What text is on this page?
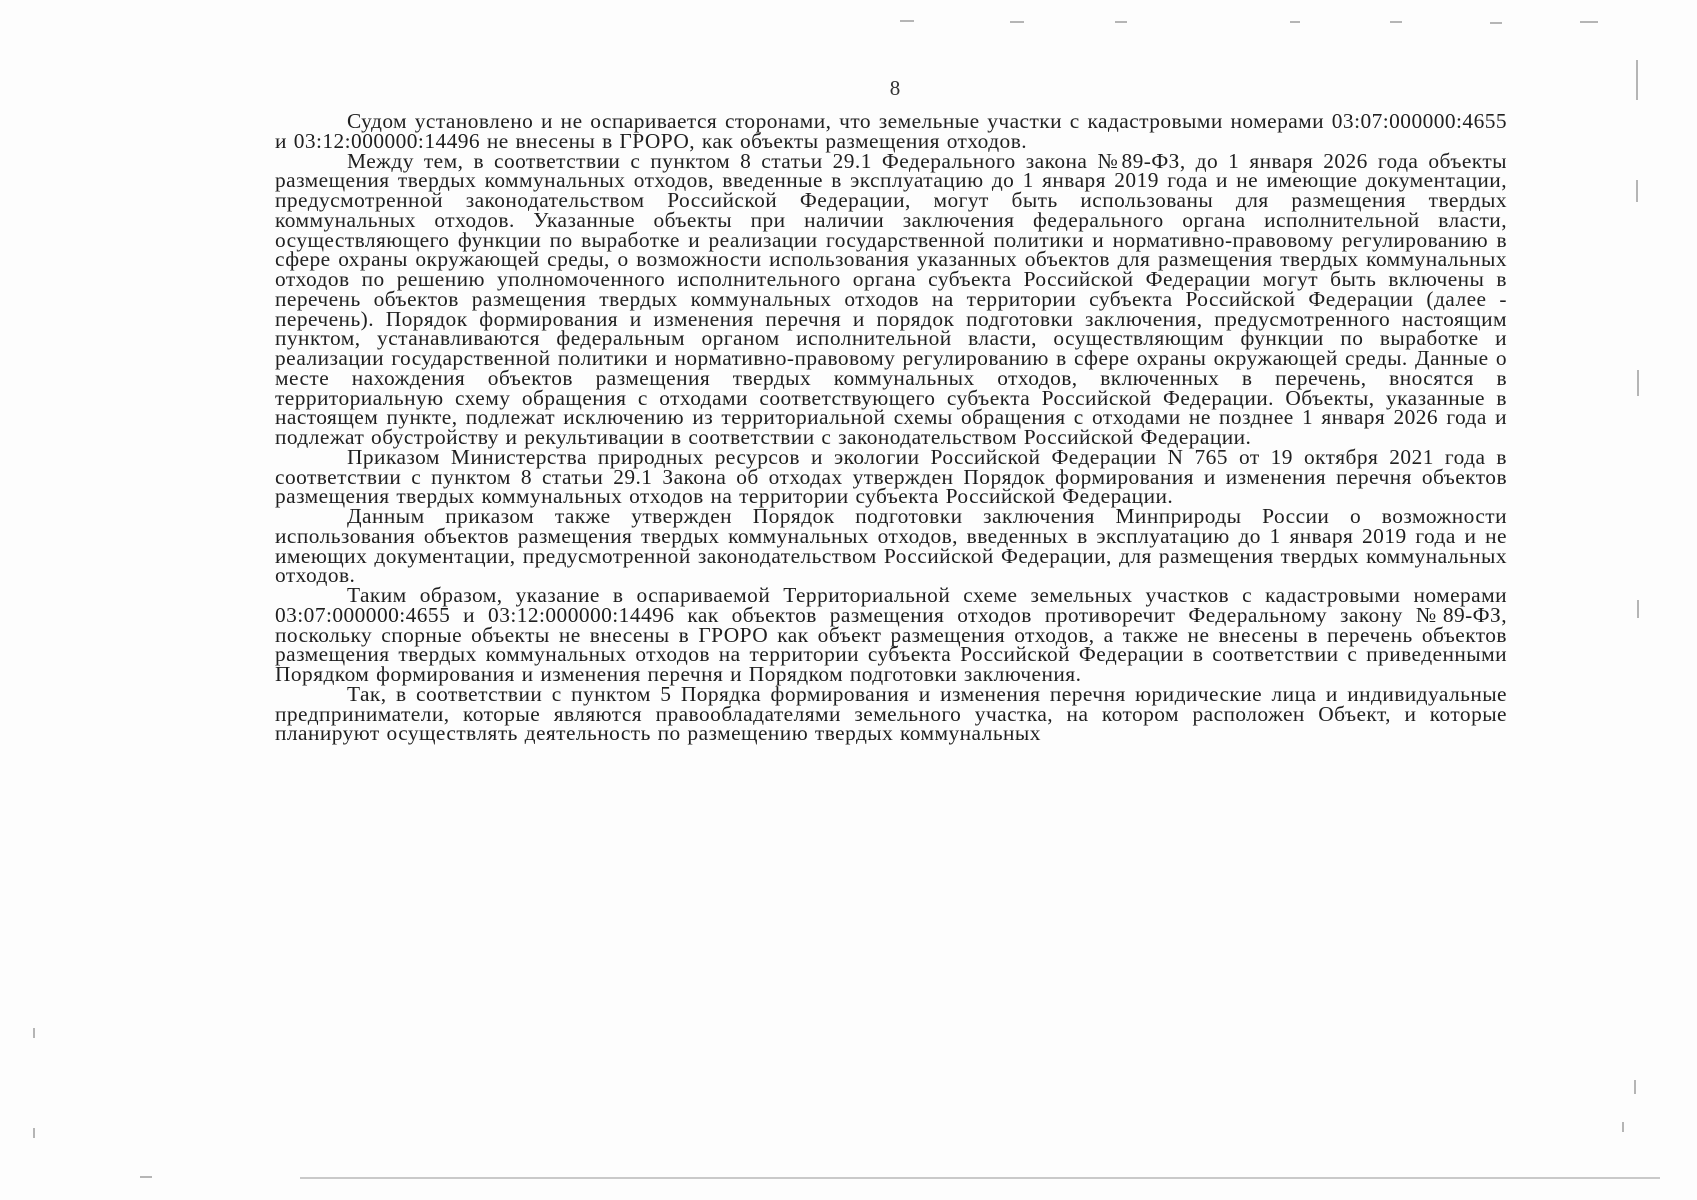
8

Судом установлено и не оспаривается сторонами, что земельные участки с кадастровыми номерами 03:07:000000:4655 и 03:12:000000:14496 не внесены в ГРОРО, как объекты размещения отходов.

Между тем, в соответствии с пунктом 8 статьи 29.1 Федерального закона №89-ФЗ, до 1 января 2026 года объекты размещения твердых коммунальных отходов, введенные в эксплуатацию до 1 января 2019 года и не имеющие документации, предусмотренной законодательством Российской Федерации, могут быть использованы для размещения твердых коммунальных отходов. Указанные объекты при наличии заключения федерального органа исполнительной власти, осуществляющего функции по выработке и реализации государственной политики и нормативно-правовому регулированию в сфере охраны окружающей среды, о возможности использования указанных объектов для размещения твердых коммунальных отходов по решению уполномоченного исполнительного органа субъекта Российской Федерации могут быть включены в перечень объектов размещения твердых коммунальных отходов на территории субъекта Российской Федерации (далее - перечень). Порядок формирования и изменения перечня и порядок подготовки заключения, предусмотренного настоящим пунктом, устанавливаются федеральным органом исполнительной власти, осуществляющим функции по выработке и реализации государственной политики и нормативно-правовому регулированию в сфере охраны окружающей среды. Данные о месте нахождения объектов размещения твердых коммунальных отходов, включенных в перечень, вносятся в территориальную схему обращения с отходами соответствующего субъекта Российской Федерации. Объекты, указанные в настоящем пункте, подлежат исключению из территориальной схемы обращения с отходами не позднее 1 января 2026 года и подлежат обустройству и рекультивации в соответствии с законодательством Российской Федерации.

Приказом Министерства природных ресурсов и экологии Российской Федерации N 765 от 19 октября 2021 года в соответствии с пунктом 8 статьи 29.1 Закона об отходах утвержден Порядок формирования и изменения перечня объектов размещения твердых коммунальных отходов на территории субъекта Российской Федерации.

Данным приказом также утвержден Порядок подготовки заключения Минприроды России о возможности использования объектов размещения твердых коммунальных отходов, введенных в эксплуатацию до 1 января 2019 года и не имеющих документации, предусмотренной законодательством Российской Федерации, для размещения твердых коммунальных отходов.

Таким образом, указание в оспариваемой Территориальной схеме земельных участков с кадастровыми номерами 03:07:000000:4655 и 03:12:000000:14496 как объектов размещения отходов противоречит Федеральному закону №89-ФЗ, поскольку спорные объекты не внесены в ГРОРО как объект размещения отходов, а также не внесены в перечень объектов размещения твердых коммунальных отходов на территории субъекта Российской Федерации в соответствии с приведенными Порядком формирования и изменения перечня и Порядком подготовки заключения.

Так, в соответствии с пунктом 5 Порядка формирования и изменения перечня юридические лица и индивидуальные предприниматели, которые являются правообладателями земельного участка, на котором расположен Объект, и которые планируют осуществлять деятельность по размещению твердых коммунальных
